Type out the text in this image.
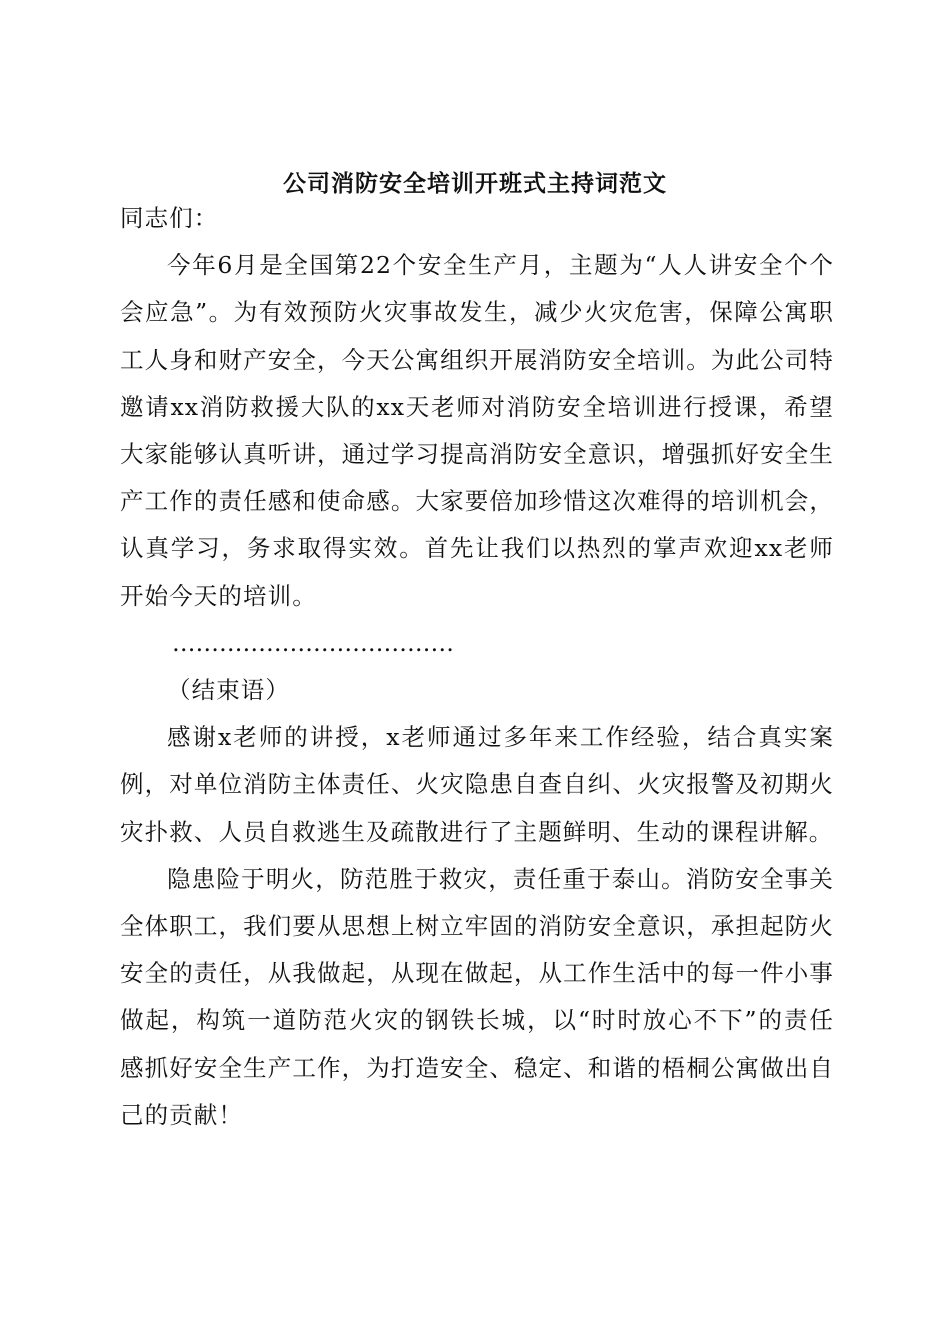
公司消防安全培训开班式主持词范文

同志们：

今年6月是全国第22个安全生产月，主题为“人人讲安全个个会应急”。为有效预防火灾事故发生，减少火灾危害，保障公寓职工人身和财产安全，今天公寓组织开展消防安全培训。为此公司特邀请xx消防救援大队的xx天老师对消防安全培训进行授课，希望大家能够认真听讲，通过学习提高消防安全意识，增强抓好安全生产工作的责任感和使命感。大家要倍加珍惜这次难得的培训机会，认真学习，务求取得实效。首先让我们以热烈的掌声欢迎xx老师开始今天的培训。

………………………………

（结束语）

感谢x老师的讲授，x老师通过多年来工作经验，结合真实案例，对单位消防主体责任、火灾隐患自查自纠、火灾报警及初期火灾扑救、人员自救逃生及疏散进行了主题鲜明、生动的课程讲解。

隐患险于明火，防范胜于救灾，责任重于泰山。消防安全事关全体职工，我们要从思想上树立牢固的消防安全意识，承担起防火安全的责任，从我做起，从现在做起，从工作生活中的每一件小事做起，构筑一道防范火灾的钢铁长城，以“时时放心不下”的责任感抓好安全生产工作，为打造安全、稳定、和谐的梧桐公寓做出自己的贡献！
